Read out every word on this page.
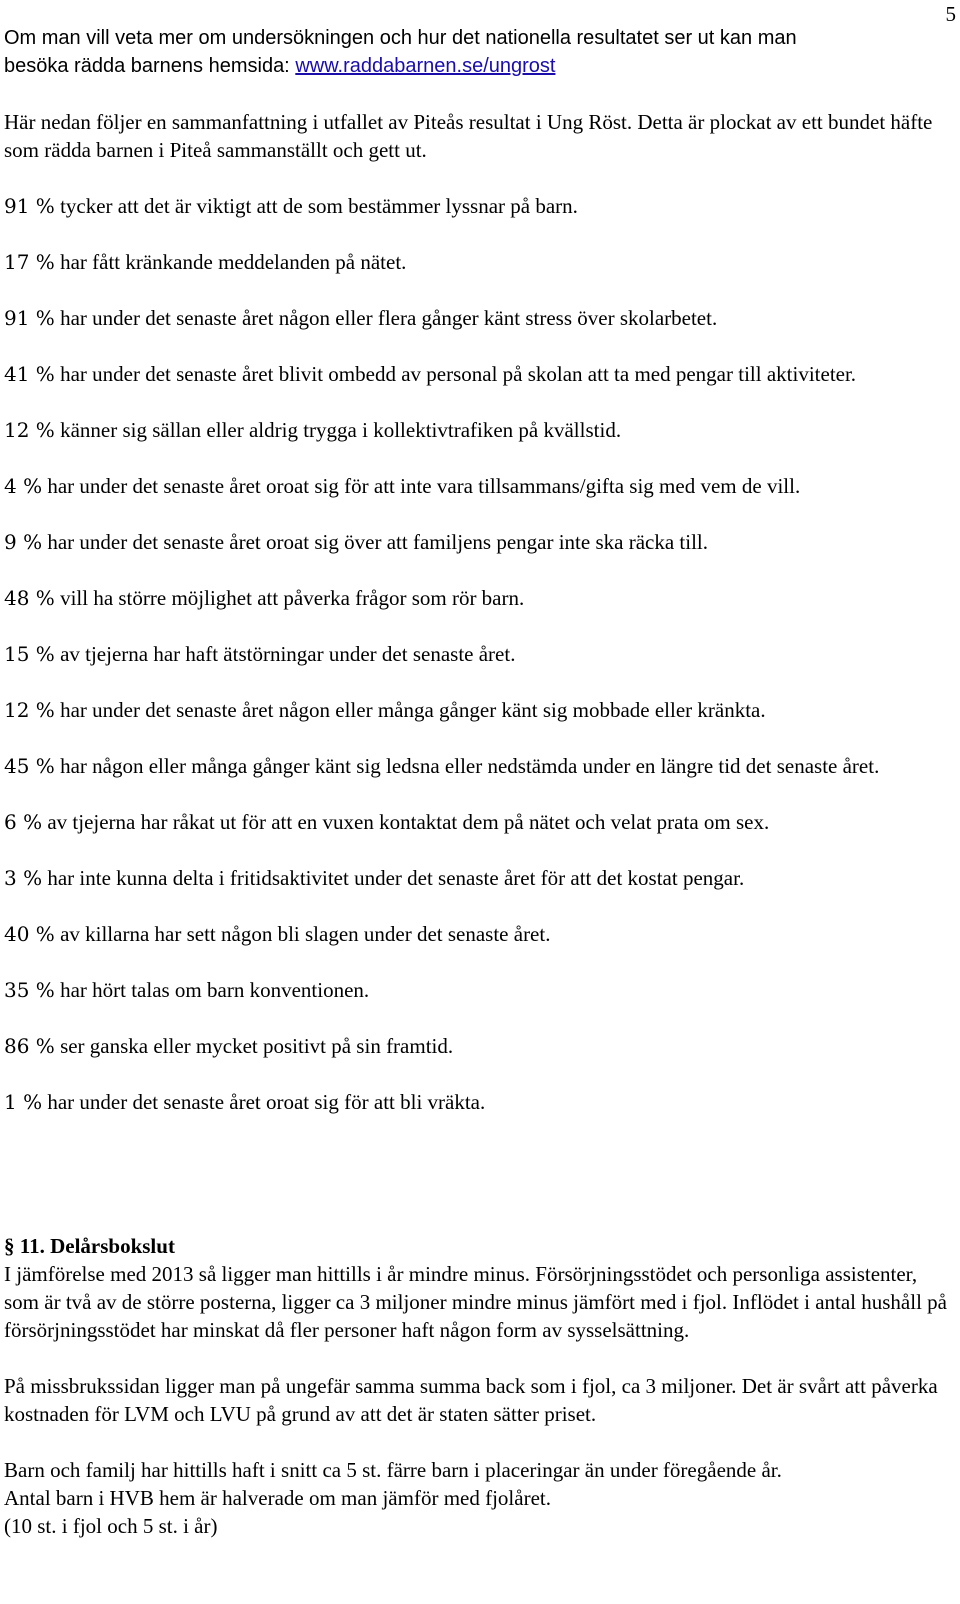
5
Om man vill veta mer om undersökningen och hur det nationella resultatet ser ut kan man besöka rädda barnens hemsida: www.raddabarnen.se/ungrost
Här nedan följer en sammanfattning i utfallet av Piteås resultat i Ung Röst. Detta är plockat av ett bundet häfte som rädda barnen i Piteå sammanställt och gett ut.

91 % tycker att det är viktigt att de som bestämmer lyssnar på barn.

17 % har fått kränkande meddelanden på nätet.

91 % har under det senaste året någon eller flera gånger känt stress över skolarbetet.

41 % har under det senaste året blivit ombedd av personal på skolan att ta med pengar till aktiviteter.

12 % känner sig sällan eller aldrig trygga i kollektivtrafiken på kvällstid.

4 % har under det senaste året oroat sig för att inte vara tillsammans/gifta sig med vem de vill.

9 % har under det senaste året oroat sig över att familjens pengar inte ska räcka till.

48 % vill ha större möjlighet att påverka frågor som rör barn.

15 % av tjejerna har haft ätstörningar under det senaste året.

12 % har under det senaste året någon eller många gånger känt sig mobbade eller kränkta.

45 % har någon eller många gånger känt sig ledsna eller nedstämda under en längre tid det senaste året.

6 % av tjejerna har råkat ut för att en vuxen kontaktat dem på nätet och velat prata om sex.

3 % har inte kunna delta i fritidsaktivitet under det senaste året för att det kostat pengar.

40 % av killarna har sett någon bli slagen under det senaste året.

35 % har hört talas om barn konventionen.

86 % ser ganska eller mycket positivt på sin framtid.

1 % har under det senaste året oroat sig för att bli vräkta.

§ 11. Delårsbokslut

I jämförelse med 2013 så ligger man hittills i år mindre minus. Försörjningsstödet och personliga assistenter, som är två av de större posterna, ligger ca 3 miljoner mindre minus jämfört med i fjol. Inflödet i antal hushåll på försörjningsstödet har minskat då fler personer haft någon form av sysselsättning.

På missbrukssidan ligger man på ungefär samma summa back som i fjol, ca 3 miljoner. Det är svårt att påverka kostnaden för LVM och LVU på grund av att det är staten sätter priset.

Barn och familj har hittills haft i snitt ca 5 st. färre barn i placeringar än under föregående år.

Antal barn i HVB hem är halverade om man jämför med fjolåret.

(10 st. i fjol och 5 st. i år)
